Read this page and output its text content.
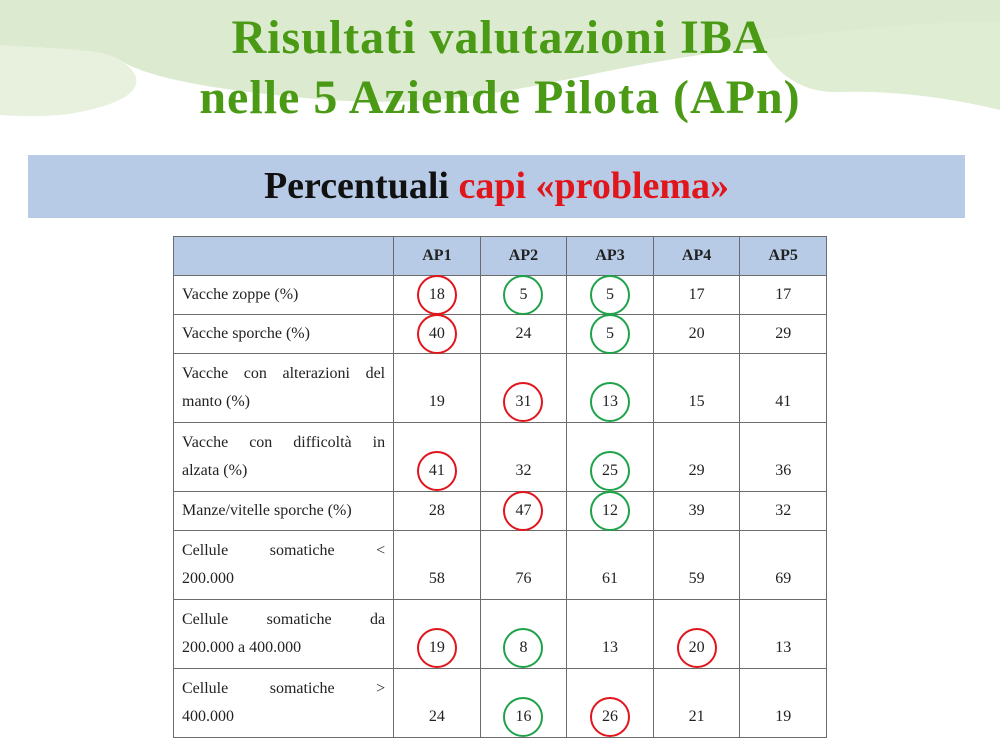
Risultati valutazioni IBA
nelle 5 Aziende Pilota (APn)
Percentuali capi «problema»
	AP1	AP2	AP3	AP4	AP5
Vacche zoppe (%)	18	5	5	17	17
Vacche sporche (%)	40	24	5	20	29

Vacche con alterazioni del
manto (%)	19	31	13	15	41

Vacche con difficoltà in
alzata (%)	41	32	25	29	36
Manze/vitelle sporche (%)	28	47	12	39	32

Cellule somatiche <
200.000	58	76	61	59	69

Cellule somatiche da
200.000 a 400.000	19	8	13	20	13

Cellule somatiche >
400.000	24	16	26	21	19
